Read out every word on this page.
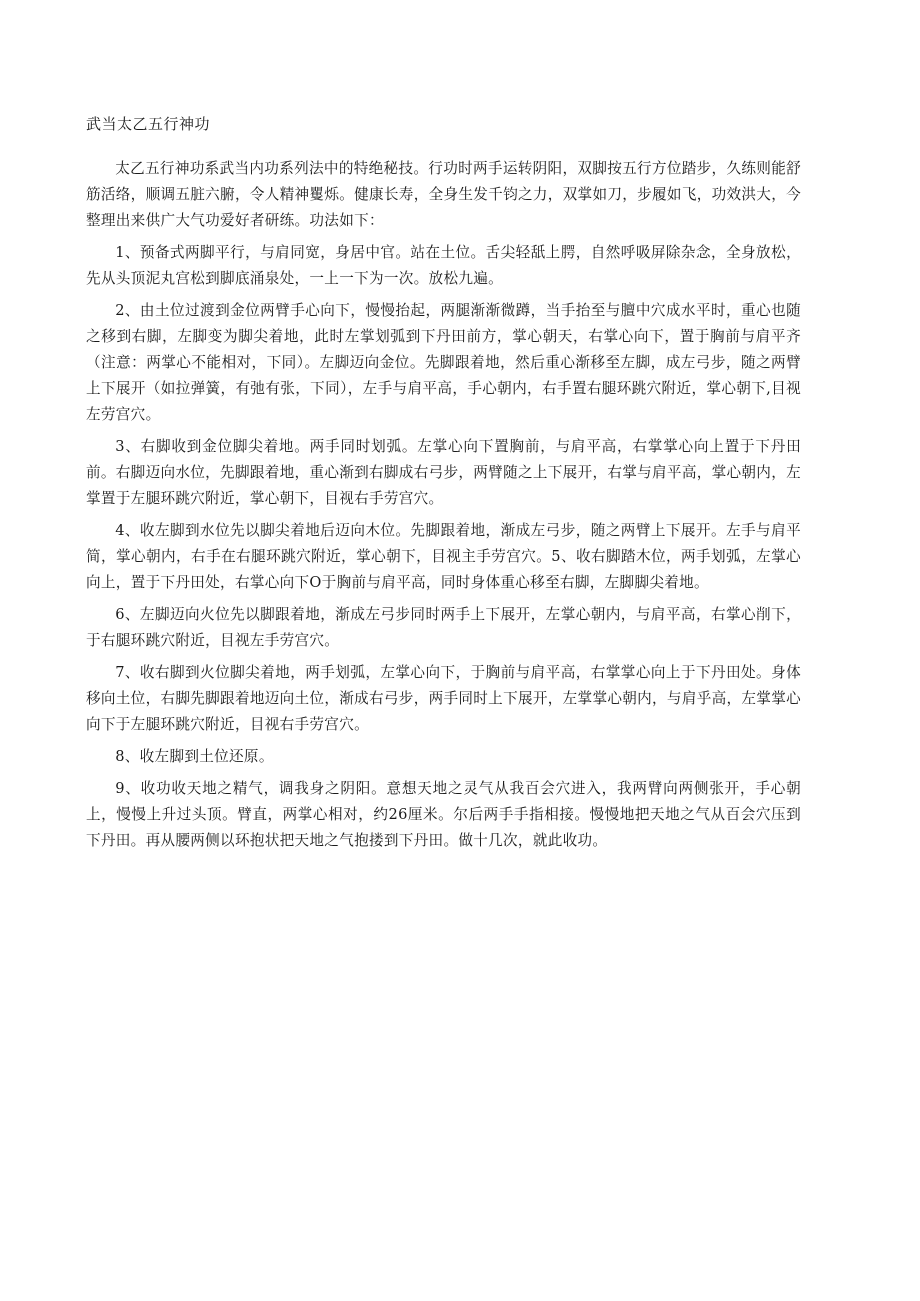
武当太乙五行神功

太乙五行神功系武当内功系列法中的特绝秘技。行功时两手运转阴阳，双脚按五行方位踏步，久练则能舒筋活络，顺调五脏六腑，令人精神矍烁。健康长寿，全身生发千钧之力，双掌如刀，步履如飞，功效洪大，今整理出来供广大气功爱好者研练。功法如下：

1、预备式两脚平行，与肩同宽，身居中官。站在土位。舌尖轻舐上腭，自然呼吸屏除杂念，全身放松，先从头顶泥丸宫松到脚底涌泉处，一上一下为一次。放松九遍。

2、由土位过渡到金位两臂手心向下，慢慢抬起，两腿渐渐微蹲，当手抬至与膻中穴成水平时，重心也随之移到右脚，左脚变为脚尖着地，此时左掌划弧到下丹田前方，掌心朝天，右掌心向下，置于胸前与肩平齐（注意：两掌心不能相对，下同）。左脚迈向金位。先脚跟着地，然后重心渐移至左脚，成左弓步，随之两臂上下展开（如拉弹簧，有弛有张，下同），左手与肩平高，手心朝内，右手置右腿环跳穴附近，掌心朝下,目视左劳宫穴。

3、右脚收到金位脚尖着地。两手同时划弧。左掌心向下置胸前，与肩平高，右掌掌心向上置于下丹田前。右脚迈向水位，先脚跟着地，重心渐到右脚成右弓步，两臂随之上下展开，右掌与肩平高，掌心朝内，左掌置于左腿环跳穴附近，掌心朝下，目视右手劳宫穴。

4、收左脚到水位先以脚尖着地后迈向木位。先脚跟着地，渐成左弓步，随之两臂上下展开。左手与肩平简，掌心朝内，右手在右腿环跳穴附近，掌心朝下，目视主手劳宫穴。5、收右脚踏木位，两手划弧，左掌心向上，置于下丹田处，右掌心向下O于胸前与肩平高，同时身体重心移至右脚，左脚脚尖着地。

6、左脚迈向火位先以脚跟着地，渐成左弓步同时两手上下展开，左掌心朝内，与肩平高，右掌心削下，于右腿环跳穴附近，目视左手劳宫穴。

7、收右脚到火位脚尖着地，两手划弧，左掌心向下，于胸前与肩平高，右掌掌心向上于下丹田处。身体移向土位，右脚先脚跟着地迈向土位，渐成右弓步，两手同时上下展开，左掌掌心朝内，与肩乎高，左掌掌心向下于左腿环跳穴附近，目视右手劳宫穴。

8、收左脚到土位还原。

9、收功收天地之精气，调我身之阴阳。意想天地之灵气从我百会穴进入，我两臂向两侧张开，手心朝上，慢慢上升过头顶。臂直，两掌心相对，约26厘米。尔后两手手指相接。慢慢地把天地之气从百会穴压到下丹田。再从腰两侧以环抱状把天地之气抱搂到下丹田。做十几次，就此收功。
